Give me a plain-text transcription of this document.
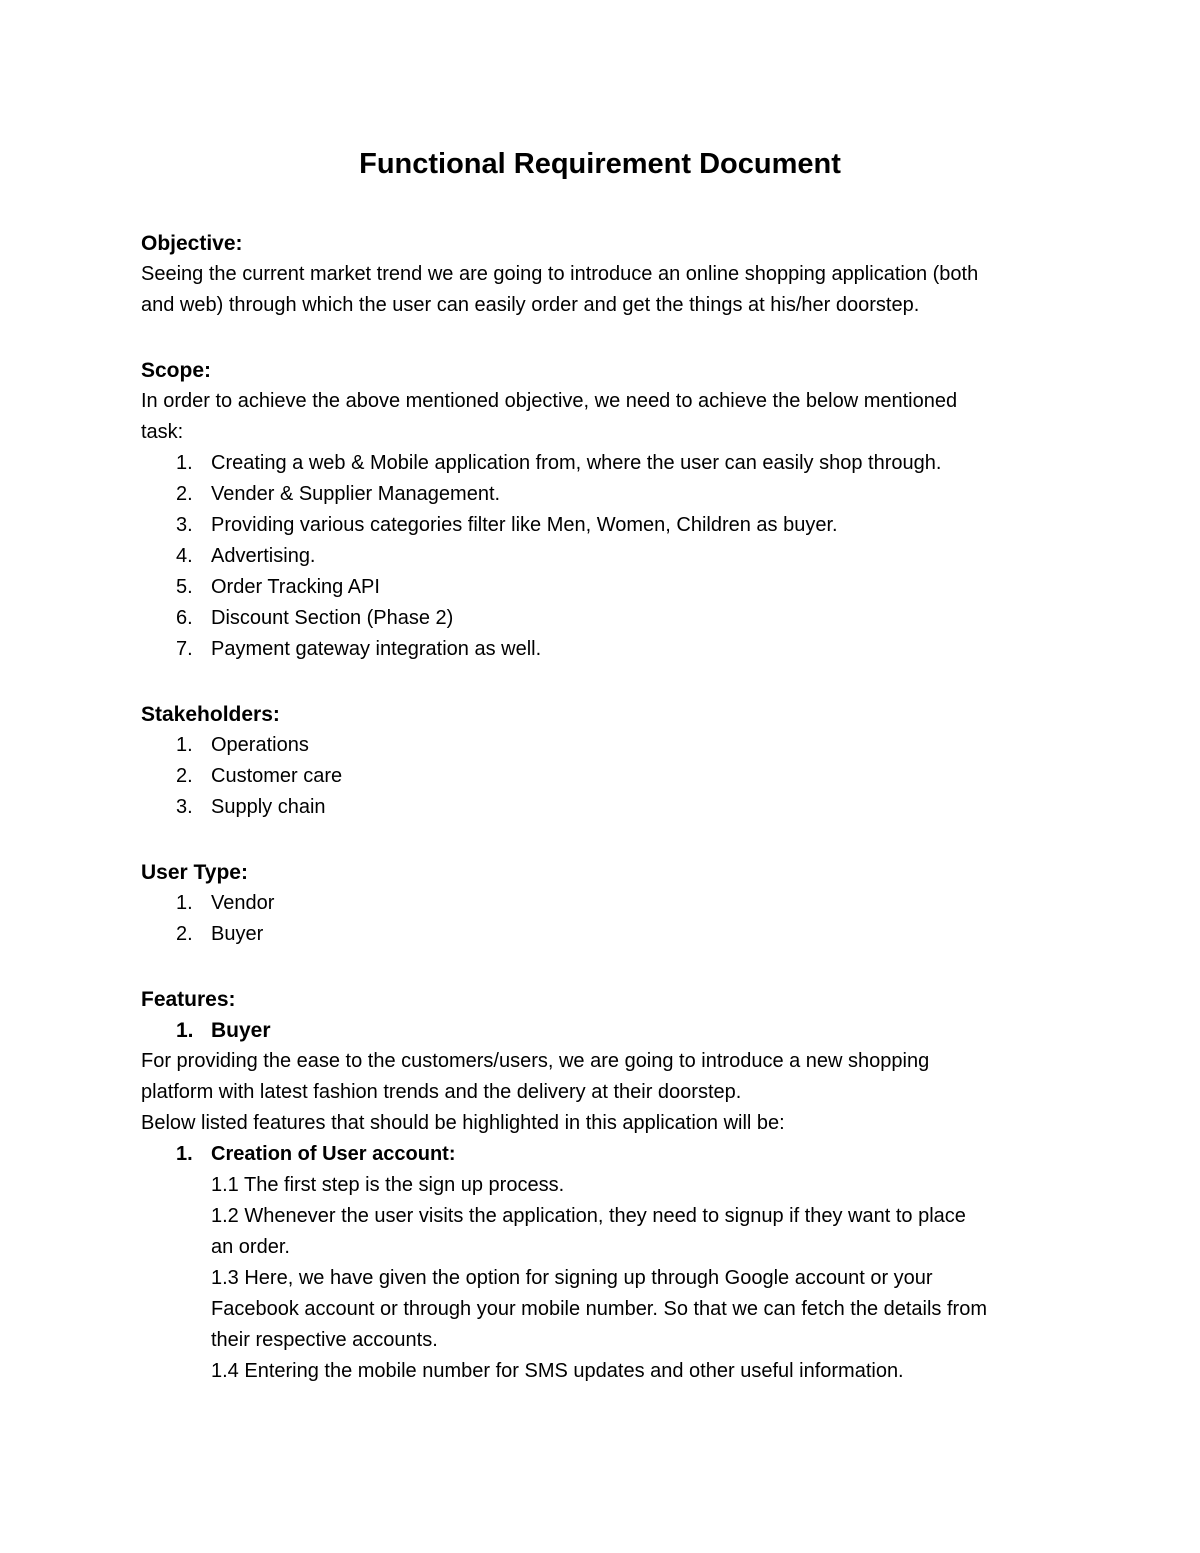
Functional Requirement Document

Objective:

Seeing the current market trend we are going to introduce an online shopping application (both

and web) through which the user can easily order and get the things at his/her doorstep.

Scope:

In order to achieve the above mentioned objective, we need to achieve the below mentioned

task:

1. Creating a web & Mobile application from, where the user can easily shop through.
2. Vender & Supplier Management.
3. Providing various categories filter like Men, Women, Children as buyer.
4. Advertising.
5. Order Tracking API
6. Discount Section (Phase 2)
7. Payment gateway integration as well.

Stakeholders:

1. Operations
2. Customer care
3. Supply chain

User Type:

1. Vendor
2. Buyer

Features:

1. Buyer

For providing the ease to the customers/users, we are going to introduce a new shopping

platform with latest fashion trends and the delivery at their doorstep.

Below listed features that should be highlighted in this application will be:

1. Creation of User account:
1.1 The first step is the sign up process.
1.2 Whenever the user visits the application, they need to signup if they want to place
an order.
1.3 Here, we have given the option for signing up through Google account or your
Facebook account or through your mobile number. So that we can fetch the details from
their respective accounts.
1.4 Entering the mobile number for SMS updates and other useful information.
